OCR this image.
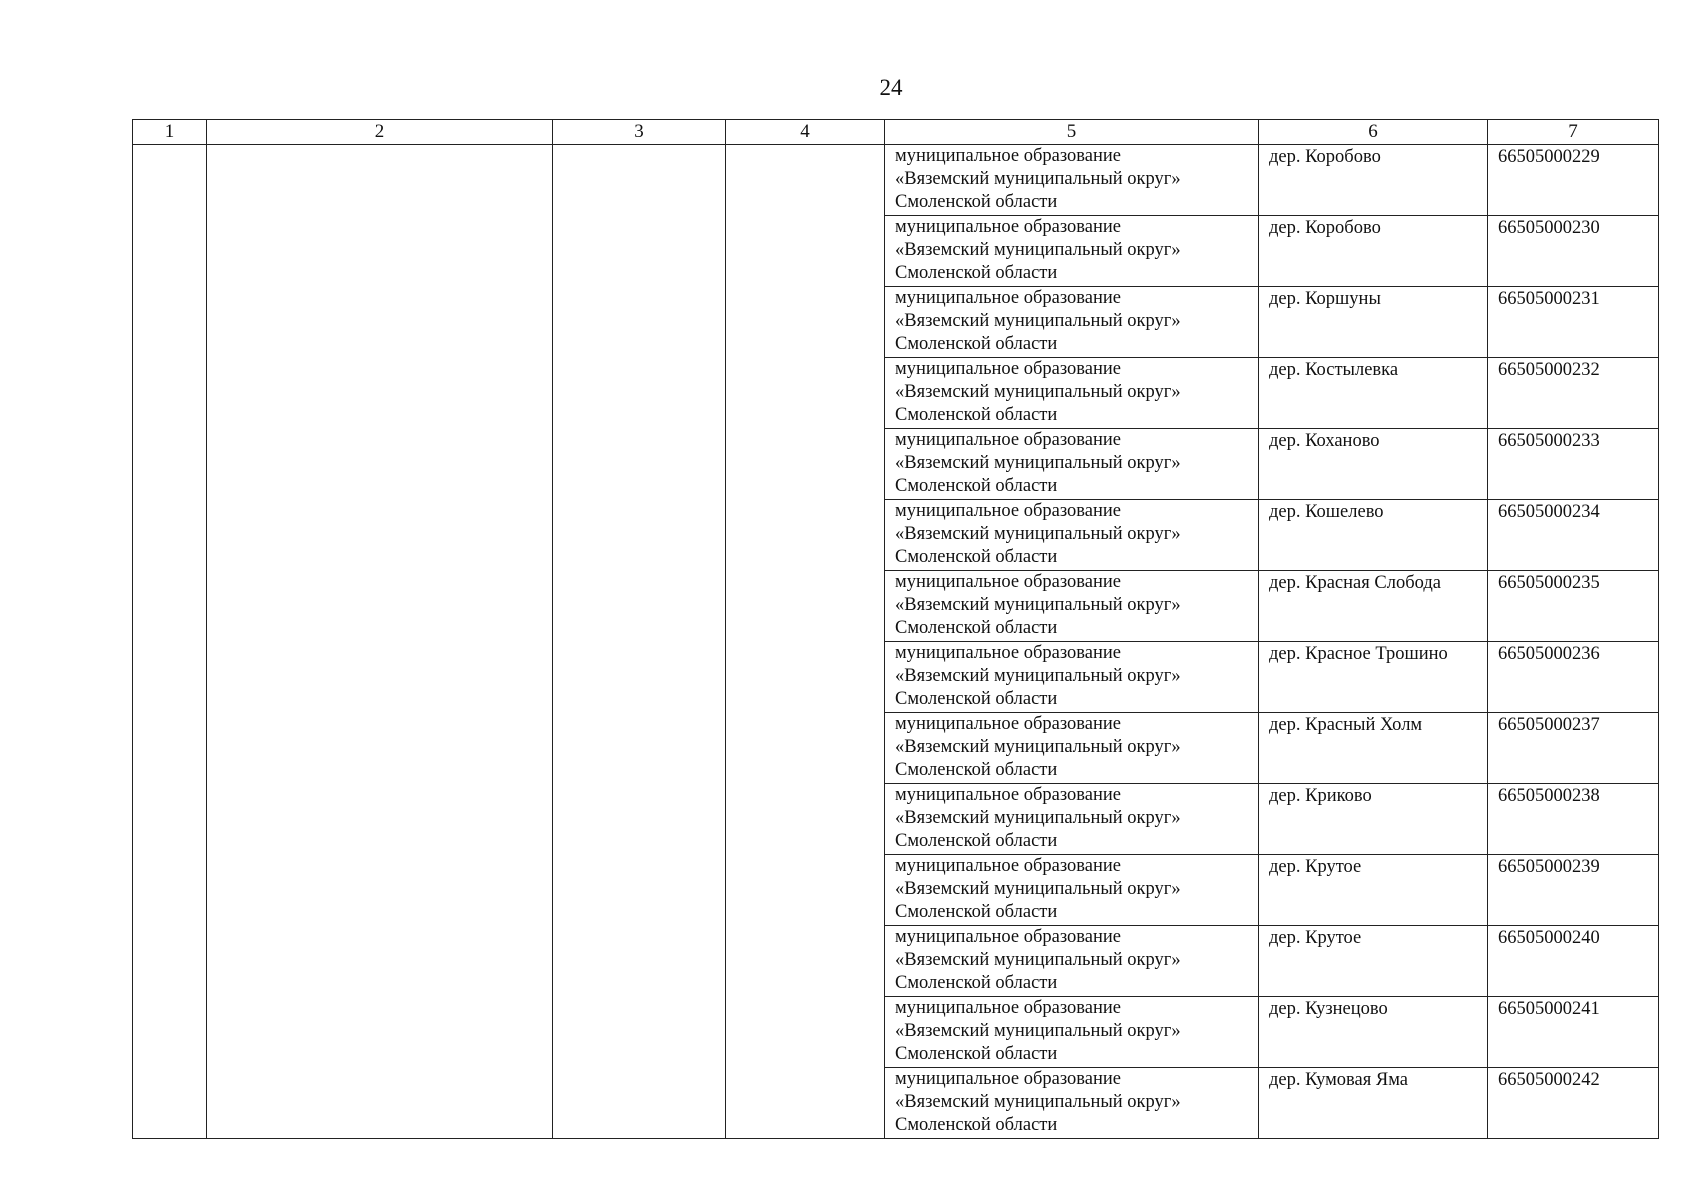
24
1	2	3	4	5	6	7

				муниципальное образование
«Вяземский муниципальный округ»
Смоленской области	дер. Коробово	66505000229

				муниципальное образование
«Вяземский муниципальный округ»
Смоленской области	дер. Коробово	66505000230

				муниципальное образование
«Вяземский муниципальный округ»
Смоленской области	дер. Коршуны	66505000231

				муниципальное образование
«Вяземский муниципальный округ»
Смоленской области	дер. Костылевка	66505000232

				муниципальное образование
«Вяземский муниципальный округ»
Смоленской области	дер. Коханово	66505000233

				муниципальное образование
«Вяземский муниципальный округ»
Смоленской области	дер. Кошелево	66505000234

				муниципальное образование
«Вяземский муниципальный округ»
Смоленской области	дер. Красная Слобода	66505000235

				муниципальное образование
«Вяземский муниципальный округ»
Смоленской области	дер. Красное Трошино	66505000236

				муниципальное образование
«Вяземский муниципальный округ»
Смоленской области	дер. Красный Холм	66505000237

				муниципальное образование
«Вяземский муниципальный округ»
Смоленской области	дер. Криково	66505000238

				муниципальное образование
«Вяземский муниципальный округ»
Смоленской области	дер. Крутое	66505000239

				муниципальное образование
«Вяземский муниципальный округ»
Смоленской области	дер. Крутое	66505000240

				муниципальное образование
«Вяземский муниципальный округ»
Смоленской области	дер. Кузнецово	66505000241

				муниципальное образование
«Вяземский муниципальный округ»
Смоленской области	дер. Кумовая Яма	66505000242
